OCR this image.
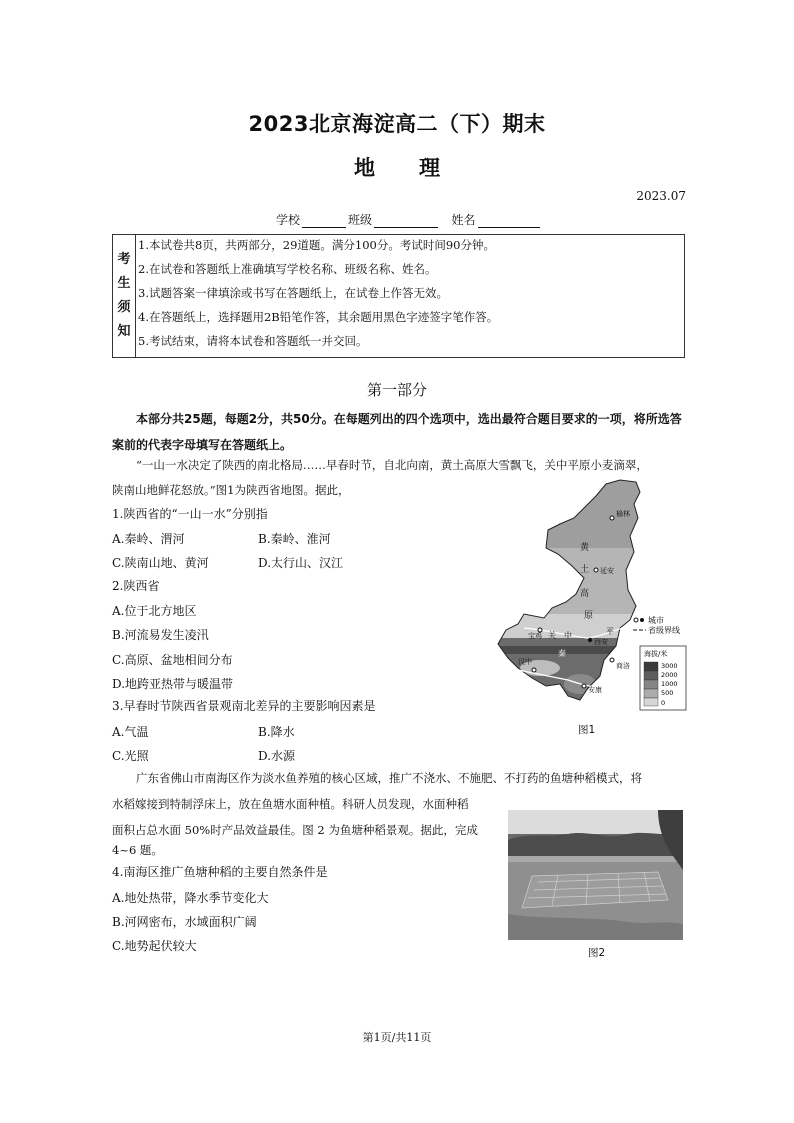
2023北京海淀高二（下）期末
地 理
2023.07
学校	班级	姓名
考
生
须
知

1.本试卷共8页，共两部分，29道题。满分100分。考试时间90分钟。
2.在试卷和答题纸上准确填写学校名称、班级名称、姓名。
3.试题答案一律填涂或书写在答题纸上，在试卷上作答无效。
4.在答题纸上，选择题用2B铅笔作答，其余题用黑色字迹签字笔作答。
5.考试结束，请将本试卷和答题纸一并交回。
第一部分
本部分共25题，每题2分，共50分。在每题列出的四个选项中，选出最符合题目要求的一项，将所选答案前的代表字母填写在答题纸上。
“一山一水决定了陕西的南北格局……早春时节，自北向南，黄土高原大雪飘飞，关中平原小麦滴翠，
陕南山地鲜花怒放。”图1为陕西省地图。据此，
1.陕西省的“一山一水”分别指
A.秦岭、渭河	B.秦岭、淮河
C.陕南山地、黄河	D.太行山、汉江
2.陕西省
A.位于北方地区
B.河流易发生凌汛
C.高原、盆地相间分布
D.地跨亚热带与暖温带
3.早春时节陕西省景观南北差异的主要影响因素是
A.气温	B.降水
C.光照	D.水源
榆林
黄
土 延安
高
原
宝鸡
西安
关 中	平
秦
汉中
安康
商洛
巴
城市
省级界线
海拔/米
3000
2000
1000
500
0
图1
广东省佛山市南海区作为淡水鱼养殖的核心区域，推广不浇水、不施肥、不打药的鱼塘种稻模式，将
水稻嫁接到特制浮床上，放在鱼塘水面种植。科研人员发现，水面种稻
面积占总水面 50%时产品效益最佳。图 2 为鱼塘种稻景观。据此，完成
4~6 题。
4.南海区推广鱼塘种稻的主要自然条件是
A.地处热带，降水季节变化大
B.河网密布，水域面积广阔
C.地势起伏较大	图2
第1页/共11页
